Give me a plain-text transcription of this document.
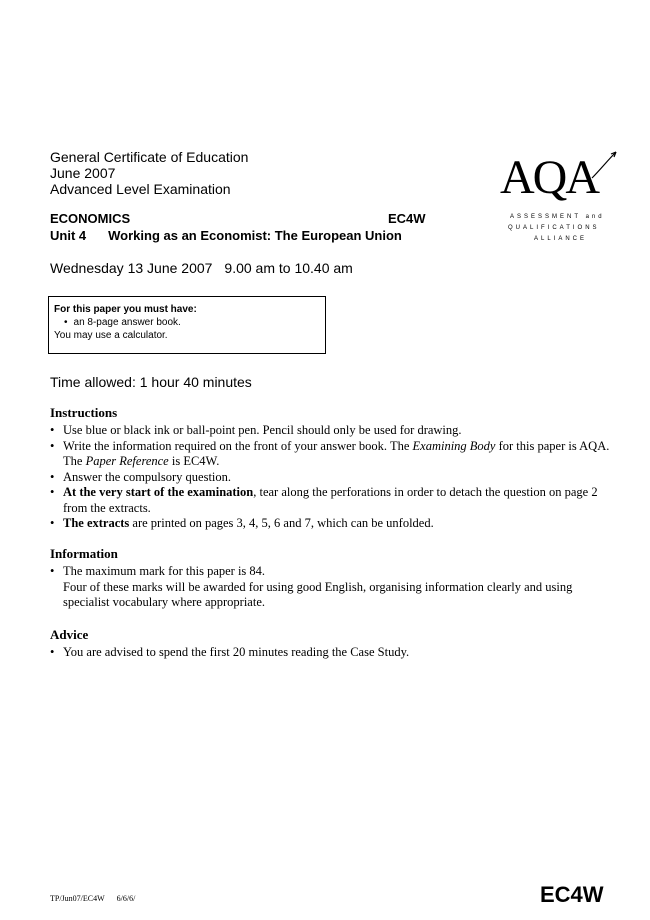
General Certificate of Education
June 2007
Advanced Level Examination	AQA
ASSESSMENT and
QUALIFICATIONS
ALLIANCE
ECONOMICS	EC4W
Unit 4 Working as an Economist: The European Union
Wednesday 13 June 2007 9.00 am to 10.40 am
For this paper you must have:
• an 8-page answer book.
You may use a calculator.
Time allowed: 1 hour 40 minutes
Instructions
• Use blue or black ink or ball-point pen. Pencil should only be used for drawing.
• Write the information required on the front of your answer book. The Examining Body for this paper is AQA. The Paper Reference is EC4W.
• Answer the compulsory question.
• At the very start of the examination, tear along the perforations in order to detach the question on page 2 from the extracts.
• The extracts are printed on pages 3, 4, 5, 6 and 7, which can be unfolded.
Information
• The maximum mark for this paper is 84.
Four of these marks will be awarded for using good English, organising information clearly and using specialist vocabulary where appropriate.
Advice
• You are advised to spend the first 20 minutes reading the Case Study.
TP/Jun07/EC4W 6/6/6/	EC4W
